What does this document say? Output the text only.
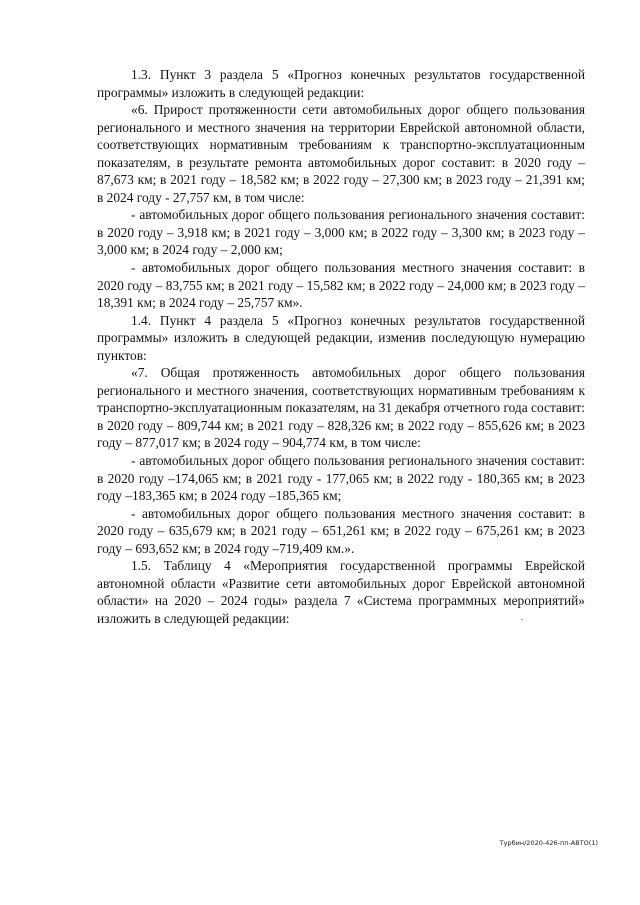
1.3. Пункт 3 раздела 5 «Прогноз конечных результатов государственной программы» изложить в следующей редакции:

«6. Прирост протяженности сети автомобильных дорог общего пользования регионального и местного значения на территории Еврейской автономной области, соответствующих нормативным требованиям к транспортно-эксплуатационным показателям, в результате ремонта автомобильных дорог составит: в 2020 году – 87,673 км; в 2021 году – 18,582 км; в 2022 году – 27,300 км; в 2023 году – 21,391 км; в 2024 году - 27,757 км, в том числе:

- автомобильных дорог общего пользования регионального значения составит: в 2020 году – 3,918 км; в 2021 году – 3,000 км; в 2022 году – 3,300 км; в 2023 году – 3,000 км; в 2024 году – 2,000 км;

- автомобильных дорог общего пользования местного значения составит: в 2020 году – 83,755 км; в 2021 году – 15,582 км; в 2022 году – 24,000 км; в 2023 году – 18,391 км; в 2024 году – 25,757 км».

1.4. Пункт 4 раздела 5 «Прогноз конечных результатов государственной программы» изложить в следующей редакции, изменив последующую нумерацию пунктов:

«7. Общая протяженность автомобильных дорог общего пользования регионального и местного значения, соответствующих нормативным требованиям к транспортно-эксплуатационным показателям, на 31 декабря отчетного года составит: в 2020 году – 809,744 км; в 2021 году – 828,326 км; в 2022 году – 855,626 км; в 2023 году – 877,017 км; в 2024 году – 904,774 км, в том числе:

- автомобильных дорог общего пользования регионального значения составит: в 2020 году –174,065 км; в 2021 году - 177,065 км; в 2022 году - 180,365 км; в 2023 году –183,365 км; в 2024 году –185,365 км;

- автомобильных дорог общего пользования местного значения составит: в 2020 году – 635,679 км; в 2021 году – 651,261 км; в 2022 году – 675,261 км; в 2023 году – 693,652 км; в 2024 году –719,409 км.».

1.5. Таблицу 4 «Мероприятия государственной программы Еврейской автономной области «Развитие сети автомобильных дорог Еврейской автономной области» на 2020 – 2024 годы» раздела 7 «Система программных мероприятий» изложить в следующей редакции:

Турбин/2020-426-пп-АВТО(1)
